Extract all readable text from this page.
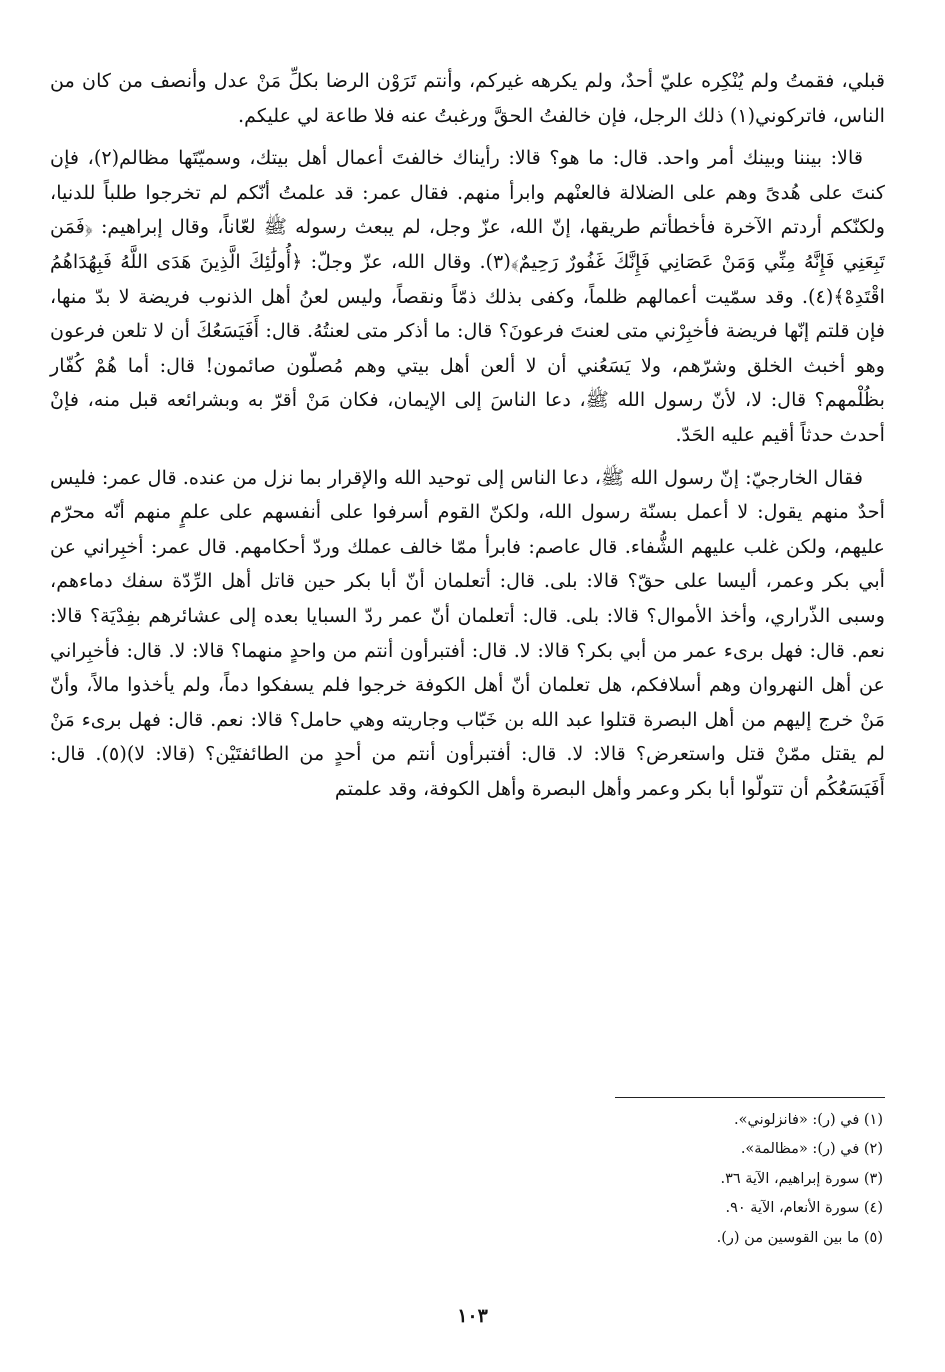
قبلي، فقمتُ ولم يُنْكِره عليّ أحدٌ، ولم يكرهه غيركم، وأنتم تَرَوْن الرضا بكلِّ مَنْ عدل وأنصف من كان من الناس، فاتركوني(١) ذلك الرجل، فإن خالفتُ الحقَّ ورغبتُ عنه فلا طاعة لي عليكم.

قالا: بيننا وبينك أمر واحد. قال: ما هو؟ قالا: رأيناك خالفتَ أعمال أهل بيتك، وسميّتَها مظالم(٢)، فإن كنتَ على هُدىً وهم على الضلالة فالعنْهم وابرأ منهم. فقال عمر: قد علمتُ أنّكم لم تخرجوا طلباً للدنيا، ولكنّكم أردتم الآخرة فأخطأتم طريقها، إنّ الله، عزّ وجل، لم يبعث رسوله ﷺ لعّاناً، وقال إبراهيم: ﴿فَمَن تَبِعَنِي فَإِنَّهُ مِنِّي وَمَنْ عَصَانِي فَإِنَّكَ غَفُورٌ رَحِيمٌ﴾(٣). وقال الله، عزّ وجلّ: ﴿أُولَٰئِكَ الَّذِينَ هَدَى اللَّهُ فَبِهُدَاهُمُ اقْتَدِهْ﴾(٤). وقد سمّيت أعمالهم ظلماً، وكفى بذلك ذمّاً ونقصاً، وليس لعنُ أهل الذنوب فريضة لا بدّ منها، فإن قلتم إنّها فريضة فأخبِرْني متى لعنتَ فرعونَ؟ قال: ما أذكر متى لعنتُهُ. قال: أَفَيَسَعُكَ أن لا تلعن فرعون وهو أخبث الخلق وشرّهم، ولا يَسَعُني أن لا ألعن أهل بيتي وهم مُصلّون صائمون! قال: أما هُمْ كُفّار بظُلْمهم؟ قال: لا، لأنّ رسول الله ﷺ، دعا الناسَ إلى الإيمان، فكان مَنْ أقرّ به وبشرائعه قبل منه، فإنْ أحدث حدثاً أقيم عليه الحَدّ.

فقال الخارجيّ: إنّ رسول الله ﷺ، دعا الناس إلى توحيد الله والإقرار بما نزل من عنده. قال عمر: فليس أحدٌ منهم يقول: لا أعمل بسنّة رسول الله، ولكنّ القوم أسرفوا على أنفسهم على علمٍ منهم أنّه محرّم عليهم، ولكن غلب عليهم الشُّفاء. قال عاصم: فابرأ ممّا خالف عملك وردّ أحكامهم. قال عمر: أخبِراني عن أبي بكر وعمر، أليسا على حقّ؟ قالا: بلى. قال: أتعلمان أنّ أبا بكر حين قاتل أهل الرِّدّة سفك دماءهم، وسبى الذّراري، وأخذ الأموال؟ قالا: بلى. قال: أتعلمان أنّ عمر ردّ السبايا بعده إلى عشائرهم بفِدْيَة؟ قالا: نعم. قال: فهل برىء عمر من أبي بكر؟ قالا: لا. قال: أفتبرأون أنتم من واحدٍ منهما؟ قالا: لا. قال: فأخبِراني عن أهل النهروان وهم أسلافكم، هل تعلمان أنّ أهل الكوفة خرجوا فلم يسفكوا دماً، ولم يأخذوا مالاً، وأنّ مَنْ خرج إليهم من أهل البصرة قتلوا عبد الله بن خَبّاب وجاريته وهي حامل؟ قالا: نعم. قال: فهل برىء مَنْ لم يقتل ممّنْ قتل واستعرض؟ قالا: لا. قال: أفتبرأون أنتم من أحدٍ من الطائفتَيْن؟ (قالا: لا)(٥). قال: أَفَيَسَعُكُم أن تتولّوا أبا بكر وعمر وأهل البصرة وأهل الكوفة، وقد علمتم

(١) في (ر): «فانزلوني».
(٢) في (ر): «مظالمة».
(٣) سورة إبراهيم، الآية ٣٦.
(٤) سورة الأنعام، الآية ٩٠.
(٥) ما بين القوسين من (ر).
١٠٣
